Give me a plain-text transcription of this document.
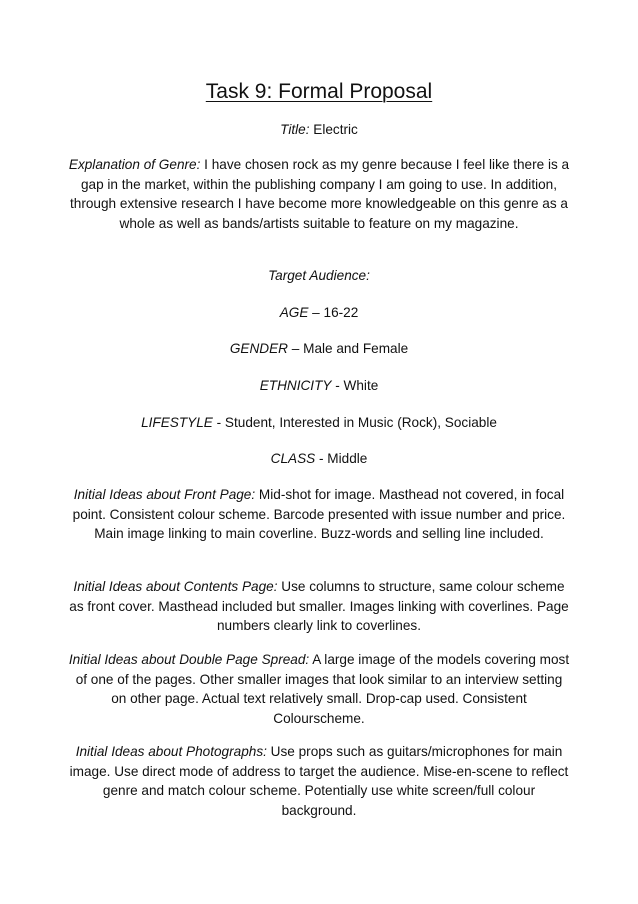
Task 9: Formal Proposal
Title: Electric
Explanation of Genre: I have chosen rock as my genre because I feel like there is a gap in the market, within the publishing company I am going to use. In addition, through extensive research I have become more knowledgeable on this genre as a whole as well as bands/artists suitable to feature on my magazine.
Target Audience:
AGE – 16-22
GENDER – Male and Female
ETHNICITY - White
LIFESTYLE - Student, Interested in Music (Rock), Sociable
CLASS - Middle
Initial Ideas about Front Page: Mid-shot for image. Masthead not covered, in focal point. Consistent colour scheme. Barcode presented with issue number and price. Main image linking to main coverline. Buzz-words and selling line included.
Initial Ideas about Contents Page: Use columns to structure, same colour scheme as front cover. Masthead included but smaller. Images linking with coverlines. Page numbers clearly link to coverlines.
Initial Ideas about Double Page Spread: A large image of the models covering most of one of the pages. Other smaller images that look similar to an interview setting on other page. Actual text relatively small. Drop-cap used. Consistent Colourscheme.
Initial Ideas about Photographs: Use props such as guitars/microphones for main image. Use direct mode of address to target the audience. Mise-en-scene to reflect genre and match colour scheme. Potentially use white screen/full colour background.
